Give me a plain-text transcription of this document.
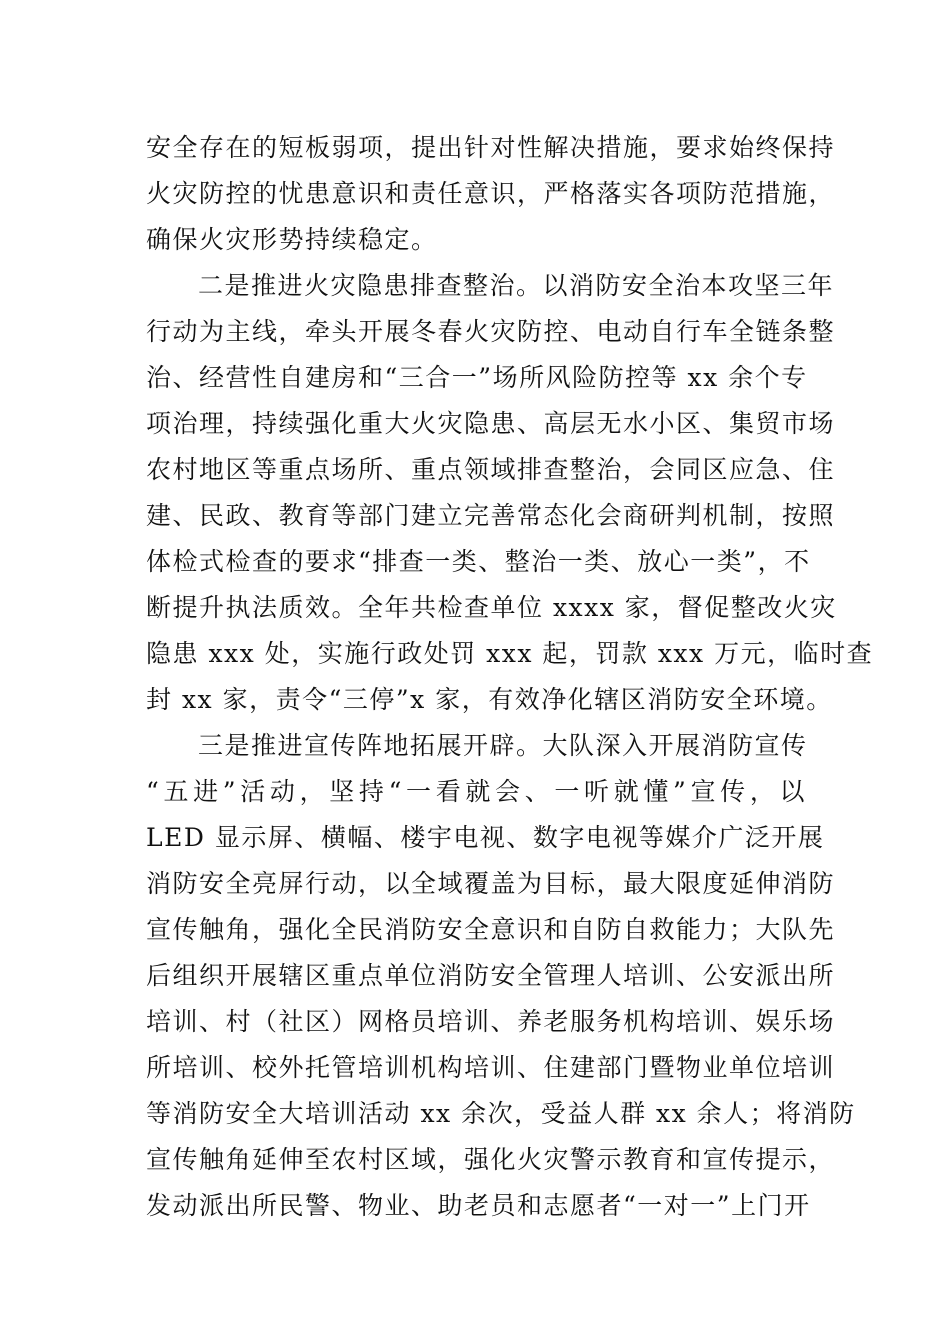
安全存在的短板弱项，提出针对性解决措施，要求始终保持
火灾防控的忧患意识和责任意识，严格落实各项防范措施，
确保火灾形势持续稳定。
二是推进火灾隐患排查整治。以消防安全治本攻坚三年
行动为主线，牵头开展冬春火灾防控、电动自行车全链条整
治、经营性自建房和“三合一”场所风险防控等 xx 余个专
项治理，持续强化重大火灾隐患、高层无水小区、集贸市场
农村地区等重点场所、重点领域排查整治，会同区应急、住
建、民政、教育等部门建立完善常态化会商研判机制，按照
体检式检查的要求“排查一类、整治一类、放心一类”，不
断提升执法质效。全年共检查单位 xxxx 家，督促整改火灾
隐患 xxx 处，实施行政处罚 xxx 起，罚款 xxx 万元，临时查
封 xx 家，责令“三停”x 家，有效净化辖区消防安全环境。
三是推进宣传阵地拓展开辟。大队深入开展消防宣传
“五进”活动，坚持“一看就会、一听就懂”宣传，以
LED 显示屏、横幅、楼宇电视、数字电视等媒介广泛开展
消防安全亮屏行动，以全域覆盖为目标，最大限度延伸消防
宣传触角，强化全民消防安全意识和自防自救能力；大队先
后组织开展辖区重点单位消防安全管理人培训、公安派出所
培训、村（社区）网格员培训、养老服务机构培训、娱乐场
所培训、校外托管培训机构培训、住建部门暨物业单位培训
等消防安全大培训活动 xx 余次，受益人群 xx 余人；将消防
宣传触角延伸至农村区域，强化火灾警示教育和宣传提示，
发动派出所民警、物业、助老员和志愿者“一对一”上门开
